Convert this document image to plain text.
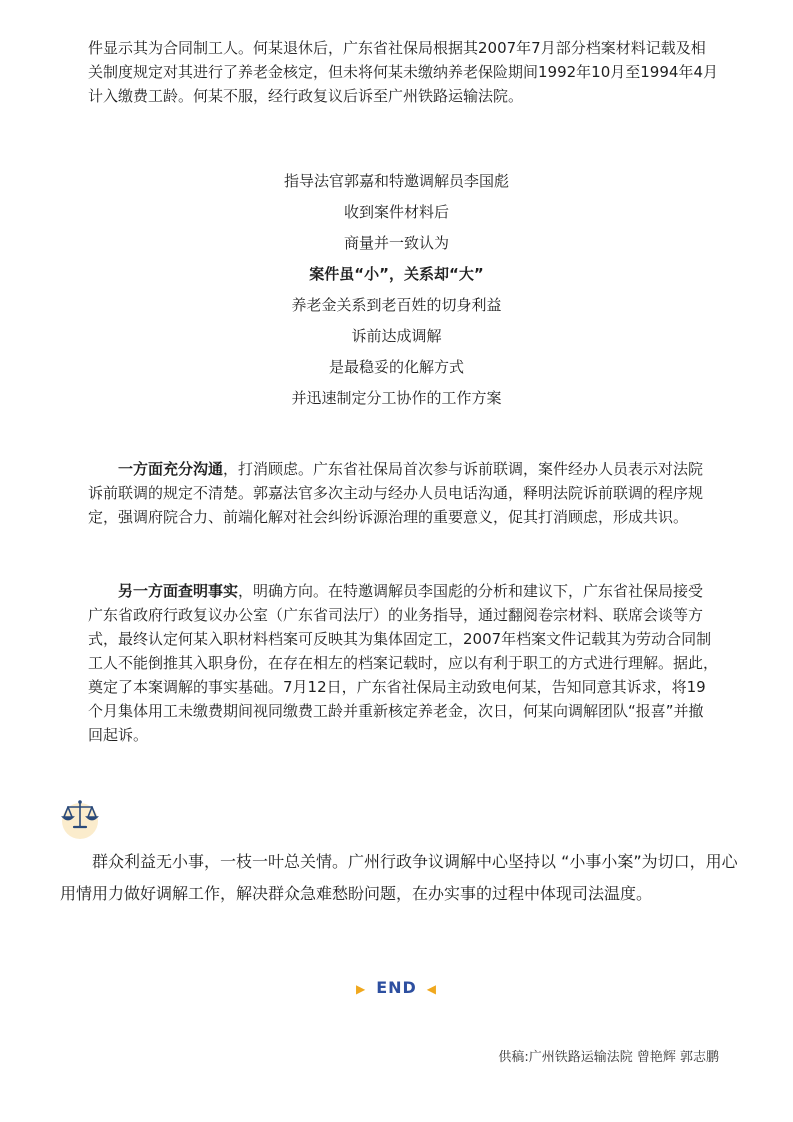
件显示其为合同制工人。何某退休后，广东省社保局根据其2007年7月部分档案材料记载及相关制度规定对其进行了养老金核定，但未将何某未缴纳养老保险期间1992年10月至1994年4月计入缴费工龄。何某不服，经行政复议后诉至广州铁路运输法院。

指导法官郭嘉和特邀调解员李国彪

收到案件材料后

商量并一致认为

案件虽“小”，关系却“大”

养老金关系到老百姓的切身利益

诉前达成调解

是最稳妥的化解方式

并迅速制定分工协作的工作方案

一方面充分沟通，打消顾虑。广东省社保局首次参与诉前联调，案件经办人员表示对法院诉前联调的规定不清楚。郭嘉法官多次主动与经办人员电话沟通，释明法院诉前联调的程序规定，强调府院合力、前端化解对社会纠纷诉源治理的重要意义，促其打消顾虑，形成共识。

另一方面查明事实，明确方向。在特邀调解员李国彪的分析和建议下，广东省社保局接受广东省政府行政复议办公室（广东省司法厅）的业务指导，通过翻阅卷宗材料、联席会谈等方式，最终认定何某入职材料档案可反映其为集体固定工，2007年档案文件记载其为劳动合同制工人不能倒推其入职身份，在存在相左的档案记载时，应以有利于职工的方式进行理解。据此，奠定了本案调解的事实基础。7月12日，广东省社保局主动致电何某，告知同意其诉求，将19个月集体用工未缴费期间视同缴费工龄并重新核定养老金，次日，何某向调解团队“报喜”并撤回起诉。

群众利益无小事，一枝一叶总关情。广州行政争议调解中心坚持以 “小事小案”为切口，用心用情用力做好调解工作，解决群众急难愁盼问题，在办实事的过程中体现司法温度。

▶ END ◀
供稿:广州铁路运输法院 曾艳辉 郭志鹏
